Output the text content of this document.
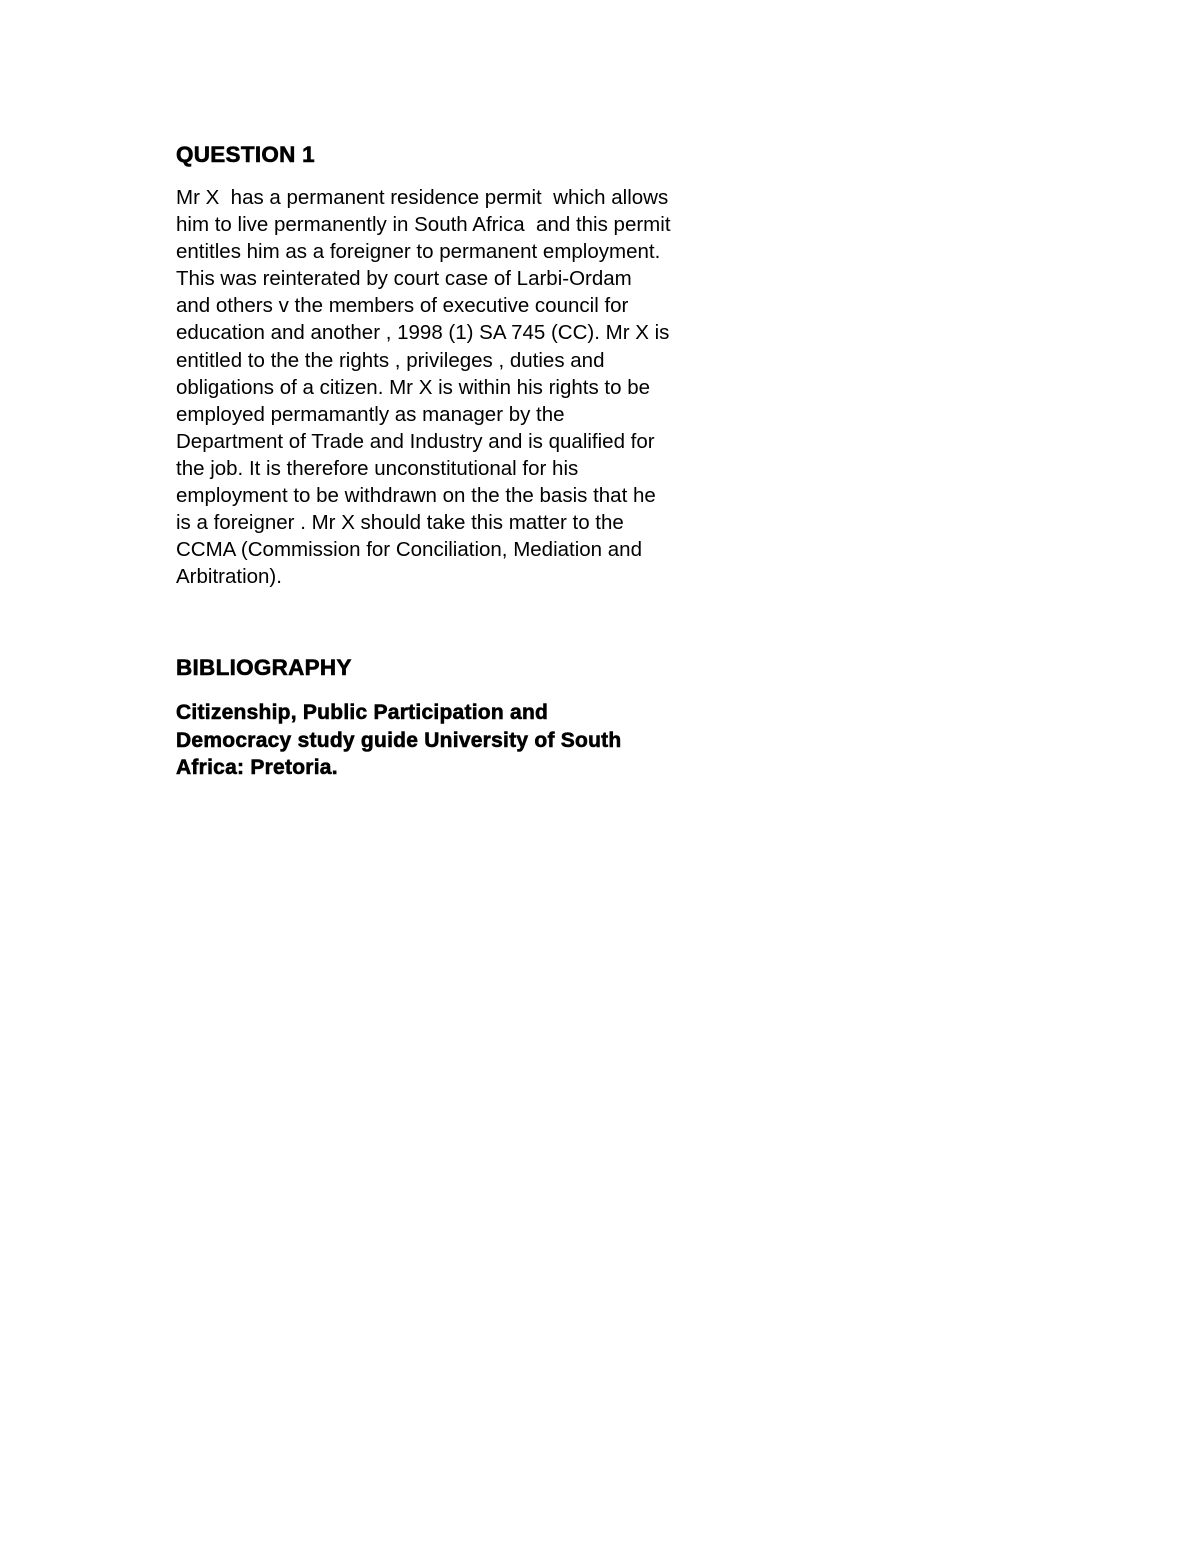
QUESTION 1

Mr X  has a permanent residence permit  which allows

him to live permanently in South Africa  and this permit

entitles him as a foreigner to permanent employment.

This was reinterated by court case of Larbi-Ordam

and others v the members of executive council for

education and another , 1998 (1) SA 745 (CC). Mr X is

entitled to the the rights , privileges , duties and

obligations of a citizen. Mr X is within his rights to be

employed permamantly as manager by the

Department of Trade and Industry and is qualified for

the job. It is therefore unconstitutional for his

employment to be withdrawn on the the basis that he

is a foreigner . Mr X should take this matter to the

CCMA (Commission for Conciliation, Mediation and

Arbitration).

BIBLIOGRAPHY

Citizenship, Public Participation and

Democracy study guide University of South

Africa: Pretoria.
